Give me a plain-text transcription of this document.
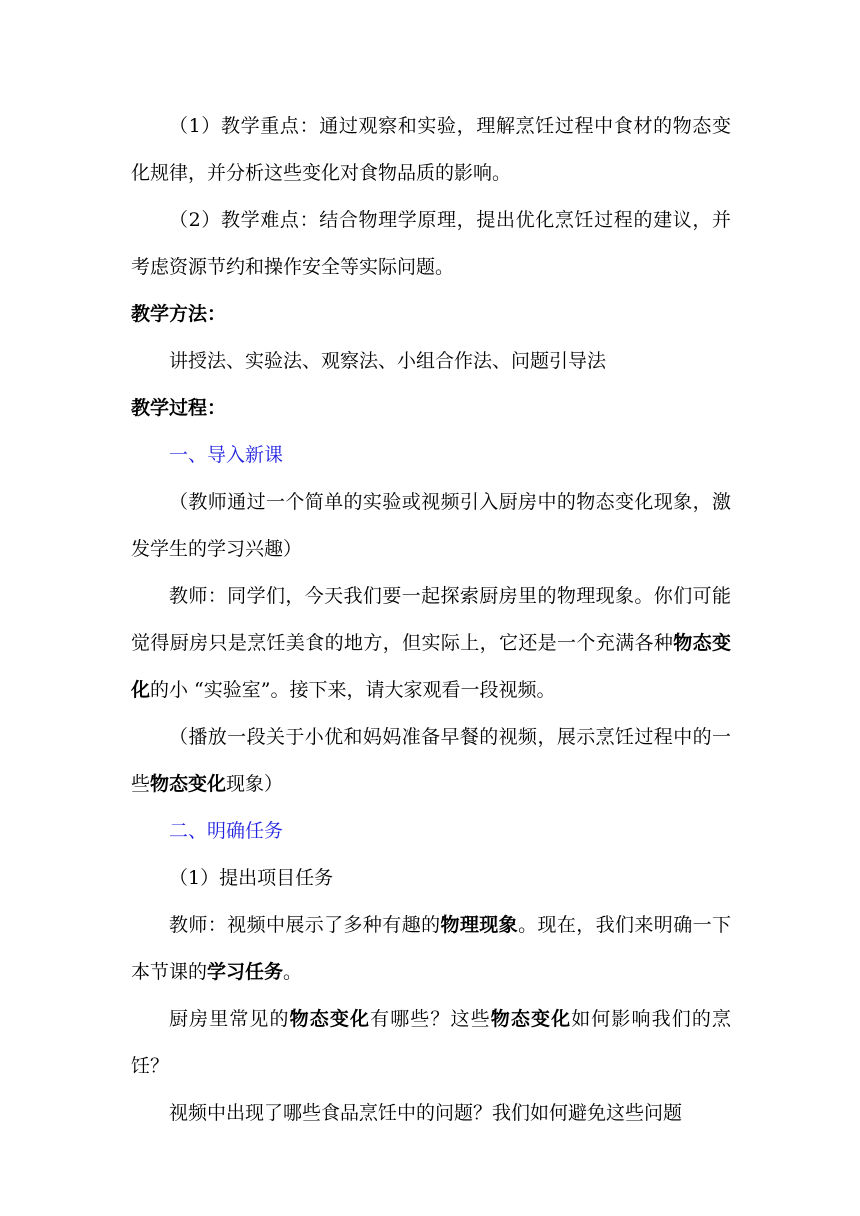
（1）教学重点：通过观察和实验，理解烹饪过程中食材的物态变化规律，并分析这些变化对食物品质的影响。

（2）教学难点：结合物理学原理，提出优化烹饪过程的建议，并考虑资源节约和操作安全等实际问题。

教学方法：

讲授法、实验法、观察法、小组合作法、问题引导法

教学过程：

一、导入新课

（教师通过一个简单的实验或视频引入厨房中的物态变化现象，激发学生的学习兴趣）

教师：同学们，今天我们要一起探索厨房里的物理现象。你们可能觉得厨房只是烹饪美食的地方，但实际上，它还是一个充满各种物态变化的小 “实验室”。接下来，请大家观看一段视频。

（播放一段关于小优和妈妈准备早餐的视频，展示烹饪过程中的一些物态变化现象）

二、明确任务

（1）提出项目任务

教师：视频中展示了多种有趣的物理现象。现在，我们来明确一下本节课的学习任务。

厨房里常见的物态变化有哪些？这些物态变化如何影响我们的烹饪？

视频中出现了哪些食品烹饪中的问题？我们如何避免这些问题
